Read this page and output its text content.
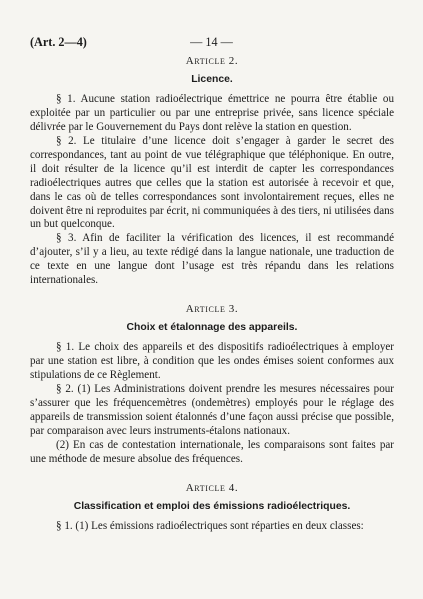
(Art. 2—4)	— 14 —
Article 2.
Licence.

§ 1. Aucune station radioélectrique émettrice ne pourra être établie ou exploitée par un particulier ou par une entreprise privée, sans licence spéciale délivrée par le Gouvernement du Pays dont relève la station en question.

§ 2. Le titulaire d’une licence doit s’engager à garder le secret des correspondances, tant au point de vue télégraphique que téléphonique. En outre, il doit résulter de la licence qu’il est interdit de capter les correspondances radioélectriques autres que celles que la station est autorisée à recevoir et que, dans le cas où de telles correspondances sont involontairement reçues, elles ne doivent être ni reproduites par écrit, ni communiquées à des tiers, ni utilisées dans un but quelconque.

§ 3. Afin de faciliter la vérification des licences, il est recommandé d’ajouter, s’il y a lieu, au texte rédigé dans la langue nationale, une traduction de ce texte en une langue dont l’usage est très répandu dans les relations internationales.

Article 3.
Choix et étalonnage des appareils.

§ 1. Le choix des appareils et des dispositifs radioélectriques à employer par une station est libre, à condition que les ondes émises soient conformes aux stipulations de ce Règlement.

§ 2. (1) Les Administrations doivent prendre les mesures nécessaires pour s’assurer que les fréquencemètres (ondemètres) employés pour le réglage des appareils de transmission soient étalonnés d’une façon aussi précise que possible, par comparaison avec leurs instruments-étalons nationaux.

(2) En cas de contestation internationale, les comparaisons sont faites par une méthode de mesure absolue des fréquences.

Article 4.
Classification et emploi des émissions radioélectriques.

§ 1. (1) Les émissions radioélectriques sont réparties en deux classes:
